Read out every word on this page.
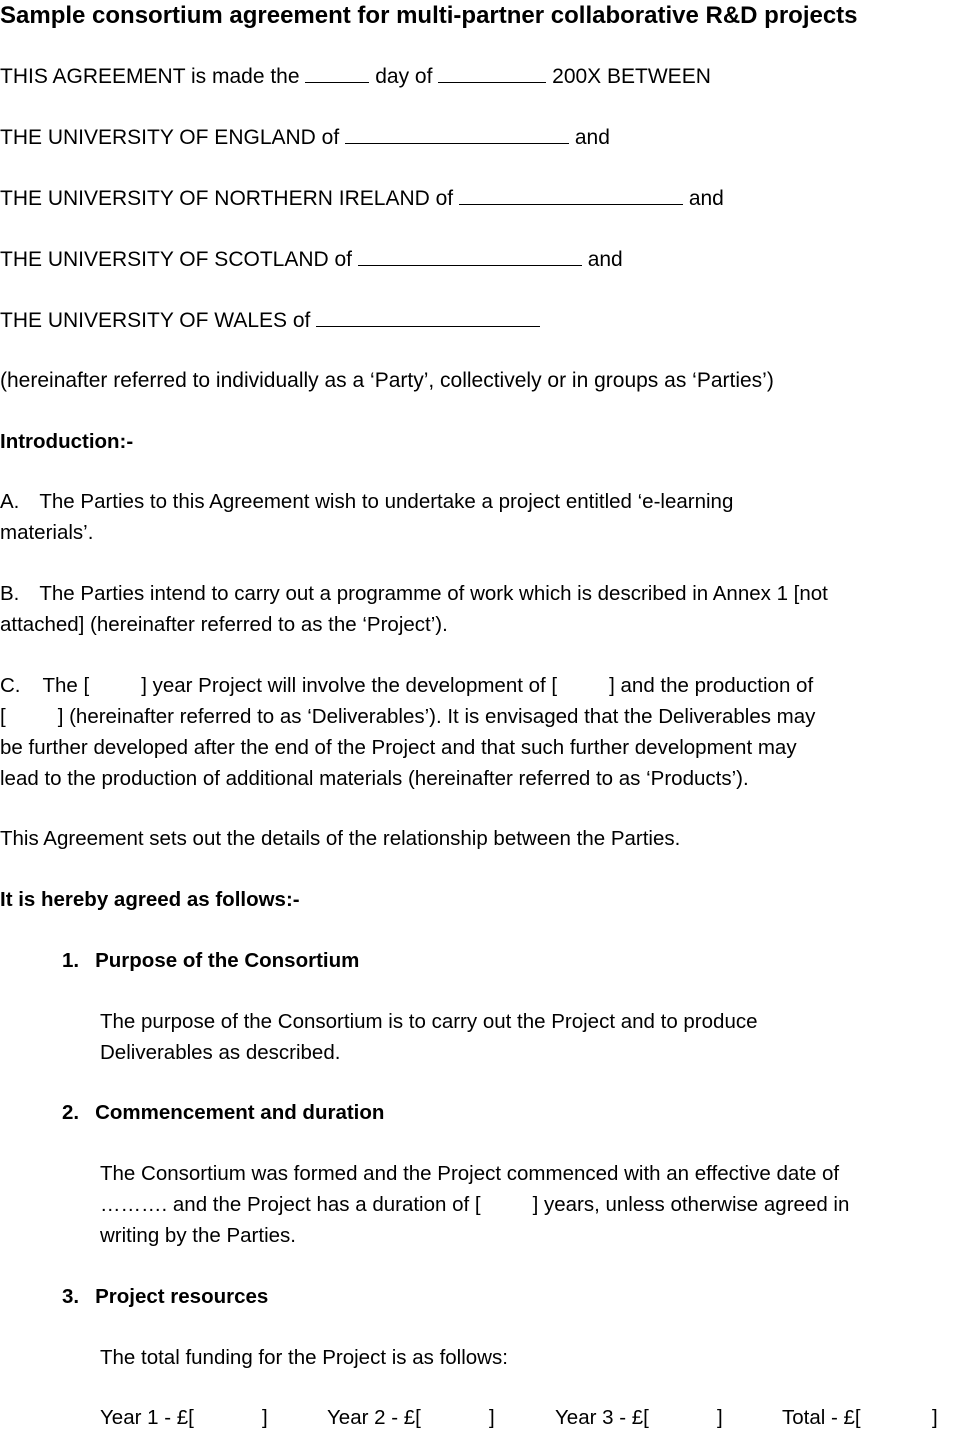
Sample consortium agreement for multi-partner collaborative R&D projects
THIS AGREEMENT is made the	day of	200X BETWEEN
THE UNIVERSITY OF ENGLAND of	and
THE UNIVERSITY OF NORTHERN IRELAND of	and
THE UNIVERSITY OF SCOTLAND of	and
THE UNIVERSITY OF WALES of
(hereinafter referred to individually as a ‘Party’, collectively or in groups as ‘Parties’)
Introduction:-
A. The Parties to this Agreement wish to undertake a project entitled ‘e-learning
materials’.
B. The Parties intend to carry out a programme of work which is described in Annex 1 [not
attached] (hereinafter referred to as the ‘Project’).
C. The [	] year Project will involve the development of [	] and the production of
[	] (hereinafter referred to as ‘Deliverables’). It is envisaged that the Deliverables may
be further developed after the end of the Project and that such further development may
lead to the production of additional materials (hereinafter referred to as ‘Products’).
This Agreement sets out the details of the relationship between the Parties.
It is hereby agreed as follows:-
1. Purpose of the Consortium
The purpose of the Consortium is to carry out the Project and to produce
Deliverables as described.
2. Commencement and duration
The Consortium was formed and the Project commenced with an effective date of
………. and the Project has a duration of [	] years, unless otherwise agreed in
writing by the Parties.
3. Project resources
The total funding for the Project is as follows:
Year 1 - £[	]	Year 2 - £[	]	Year 3 - £[	]	Total - £[	]
